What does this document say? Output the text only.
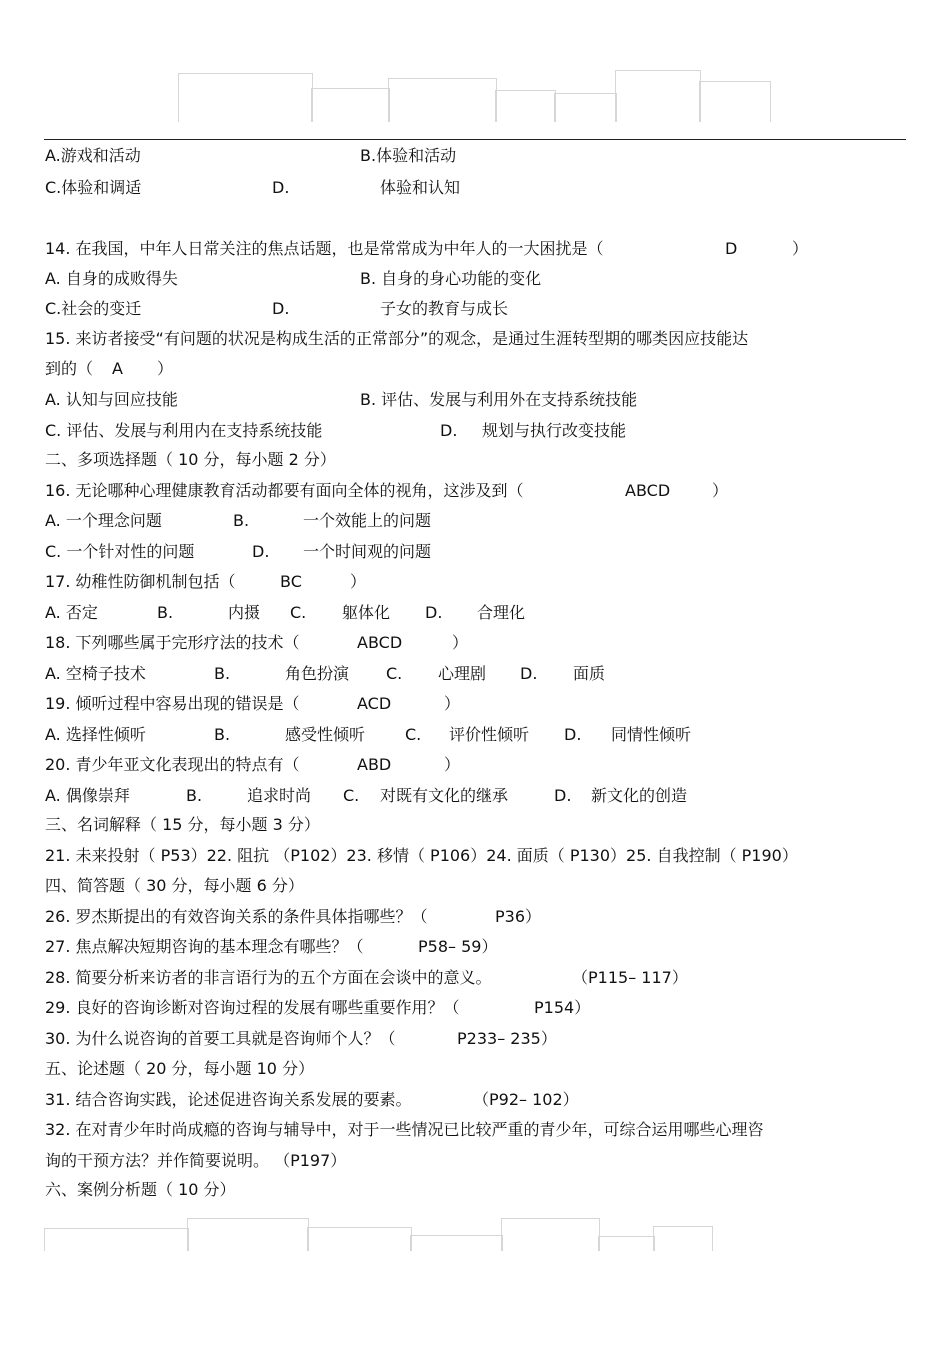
A.游戏和活动	B.体验和活动
C.体验和调适	D.	体验和认知
14. 在我国，中年人日常关注的焦点话题，也是常常成为中年人的一大困扰是（	D	）
A. 自身的成败得失	B. 自身的身心功能的变化
C.社会的变迁	D.	子女的教育与成长
15. 来访者接受“有问题的状况是构成生活的正常部分”的观念，是通过生涯转型期的哪类因应技能达
到的（ A ）
A. 认知与回应技能	B. 评估、发展与利用外在支持系统技能
C. 评估、发展与利用内在支持系统技能	D. 规划与执行改变技能
二、多项选择题（ 10 分，每小题 2 分）
16. 无论哪种心理健康教育活动都要有面向全体的视角，这涉及到（	ABCD	）
A. 一个理念问题	B.	一个效能上的问题
C. 一个针对性的问题	D. 一个时间观的问题
17. 幼稚性防御机制包括（	BC	）
A. 否定	B.	内摄 C. 躯体化 D. 合理化
18. 下列哪些属于完形疗法的技术（	ABCD	）
A. 空椅子技术	B.	角色扮演 C. 心理剧 D. 面质
19. 倾听过程中容易出现的错误是（	ACD	）
A. 选择性倾听	B.	感受性倾听 C. 评价性倾听 D. 同情性倾听
20. 青少年亚文化表现出的特点有（	ABD	）
A. 偶像崇拜	B.	追求时尚 C. 对既有文化的继承	D. 新文化的创造
三、名词解释（ 15 分，每小题 3 分）
21. 未来投射（ P53）22. 阻抗 （P102）23. 移情（ P106）24. 面质（ P130）25. 自我控制（ P190）
四、简答题（ 30 分，每小题 6 分）
26. 罗杰斯提出的有效咨询关系的条件具体指哪些？（	P36）
27. 焦点解决短期咨询的基本理念有哪些？（	P58– 59）
28. 简要分析来访者的非言语行为的五个方面在会谈中的意义。	（P115– 117）
29. 良好的咨询诊断对咨询过程的发展有哪些重要作用？（	P154）
30. 为什么说咨询的首要工具就是咨询师个人？（	P233– 235）
五、论述题（ 20 分，每小题 10 分）
31. 结合咨询实践，论述促进咨询关系发展的要素。	（P92– 102）
32. 在对青少年时尚成瘾的咨询与辅导中，对于一些情况已比较严重的青少年，可综合运用哪些心理咨
询的干预方法？并作简要说明。 （P197）
六、案例分析题（ 10 分）
